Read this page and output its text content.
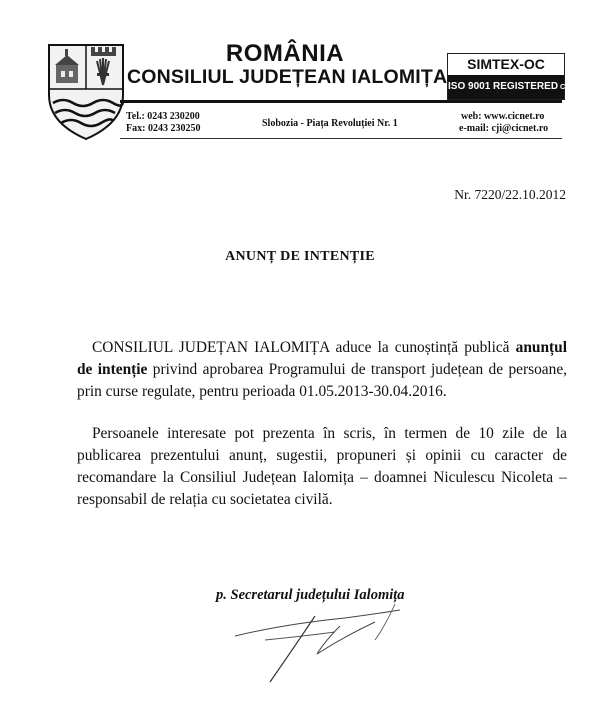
ROMÂNIA
CONSILIUL JUDEȚEAN IALOMIȚA
SIMTEX-OC
ISO 9001 REGISTERED C.3449.1
Tel.: 0243 230200
Fax: 0243 230250	Slobozia - Piața Revoluției Nr. 1
web: www.cicnet.ro
e-mail: cji@cicnet.ro
Nr. 7220/22.10.2012
ANUNȚ DE INTENȚIE

CONSILIUL JUDEȚAN IALOMIȚA aduce la cunoștință publică anunțul de intenție privind aprobarea Programului de transport județean de persoane, prin curse regulate, pentru perioada 01.05.2013-30.04.2016.

Persoanele interesate pot prezenta în scris, în termen de 10 zile de la publicarea prezentului anunț, sugestii, propuneri și opinii cu caracter de recomandare la Consiliul Județean Ialomița – doamnei Niculescu Nicoleta – responsabil de relația cu societatea civilă.

p. Secretarul județului Ialomița
